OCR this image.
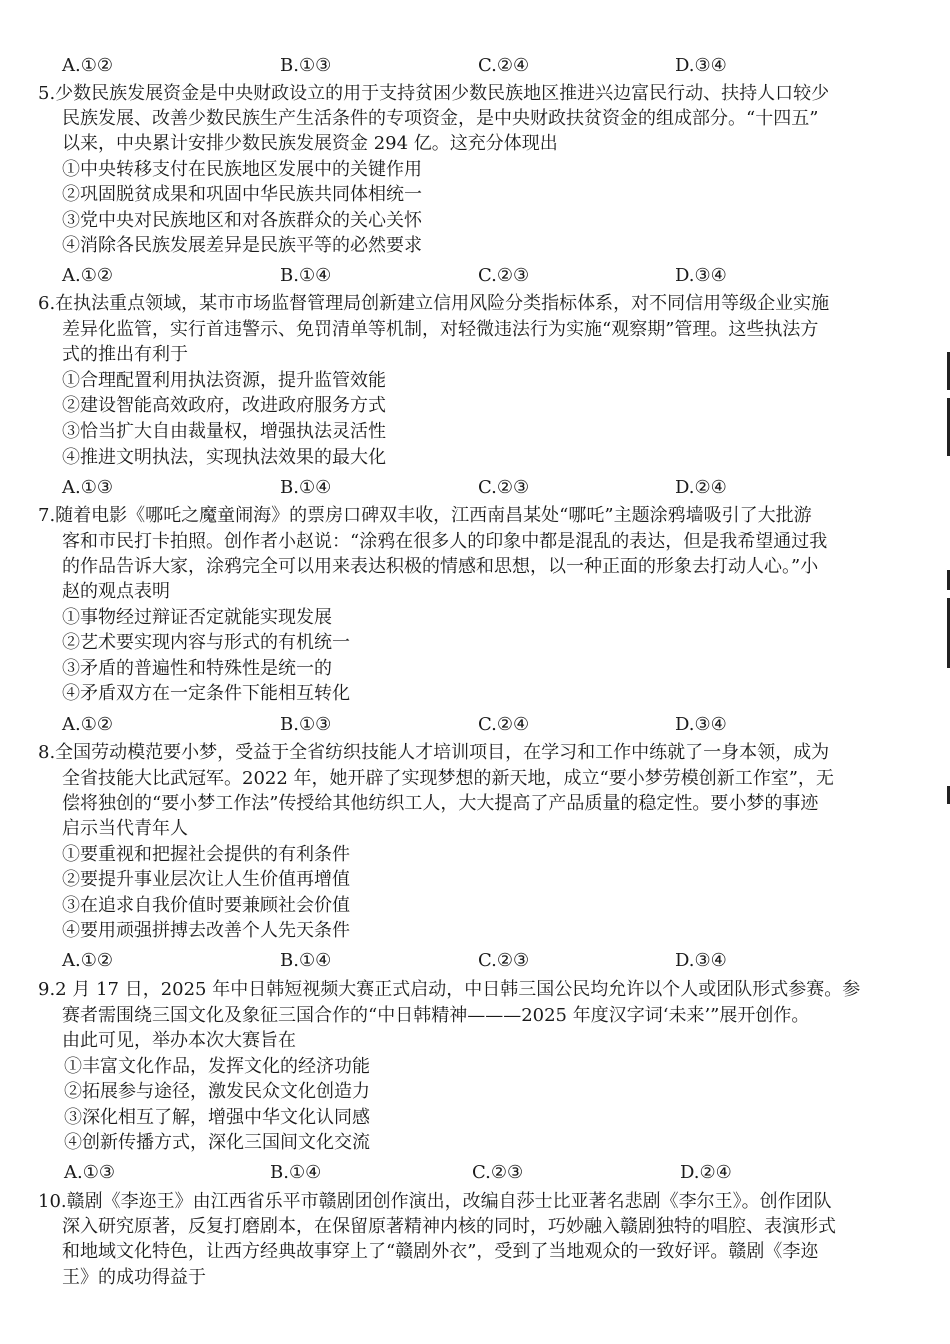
A.①②	B.①③	C.②④	D.③④
5.少数民族发展资金是中央财政设立的用于支持贫困少数民族地区推进兴边富民行动、扶持人口较少
民族发展、改善少数民族生产生活条件的专项资金，是中央财政扶贫资金的组成部分。“十四五”
以来，中央累计安排少数民族发展资金 294 亿。这充分体现出
①中央转移支付在民族地区发展中的关键作用
②巩固脱贫成果和巩固中华民族共同体相统一
③党中央对民族地区和对各族群众的关心关怀
④消除各民族发展差异是民族平等的必然要求
A.①②	B.①④	C.②③	D.③④
6.在执法重点领域，某市市场监督管理局创新建立信用风险分类指标体系，对不同信用等级企业实施
差异化监管，实行首违警示、免罚清单等机制，对轻微违法行为实施“观察期”管理。这些执法方
式的推出有利于
①合理配置利用执法资源，提升监管效能
②建设智能高效政府，改进政府服务方式
③恰当扩大自由裁量权，增强执法灵活性
④推进文明执法，实现执法效果的最大化
A.①③	B.①④	C.②③	D.②④
7.随着电影《哪吒之魔童闹海》的票房口碑双丰收，江西南昌某处“哪吒”主题涂鸦墙吸引了大批游
客和市民打卡拍照。创作者小赵说：“涂鸦在很多人的印象中都是混乱的表达，但是我希望通过我
的作品告诉大家，涂鸦完全可以用来表达积极的情感和思想，以一种正面的形象去打动人心。”小
赵的观点表明
①事物经过辩证否定就能实现发展
②艺术要实现内容与形式的有机统一
③矛盾的普遍性和特殊性是统一的
④矛盾双方在一定条件下能相互转化
A.①②	B.①③	C.②④	D.③④
8.全国劳动模范要小梦，受益于全省纺织技能人才培训项目，在学习和工作中练就了一身本领，成为
全省技能大比武冠军。2022 年，她开辟了实现梦想的新天地，成立“要小梦劳模创新工作室”，无
偿将独创的“要小梦工作法”传授给其他纺织工人，大大提高了产品质量的稳定性。要小梦的事迹
启示当代青年人
①要重视和把握社会提供的有利条件
②要提升事业层次让人生价值再增值
③在追求自我价值时要兼顾社会价值
④要用顽强拼搏去改善个人先天条件
A.①②	B.①④	C.②③	D.③④
9.2 月 17 日，2025 年中日韩短视频大赛正式启动，中日韩三国公民均允许以个人或团队形式参赛。参
赛者需围绕三国文化及象征三国合作的“中日韩精神———2025 年度汉字词‘未来’”展开创作。
由此可见，举办本次大赛旨在
①丰富文化作品，发挥文化的经济功能
②拓展参与途径，激发民众文化创造力
③深化相互了解，增强中华文化认同感
④创新传播方式，深化三国间文化交流
A.①③	B.①④	C.②③	D.②④
10.赣剧《李迩王》由江西省乐平市赣剧团创作演出，改编自莎士比亚著名悲剧《李尔王》。创作团队
深入研究原著，反复打磨剧本，在保留原著精神内核的同时，巧妙融入赣剧独特的唱腔、表演形式
和地域文化特色，让西方经典故事穿上了“赣剧外衣”，受到了当地观众的一致好评。赣剧《李迩
王》的成功得益于
